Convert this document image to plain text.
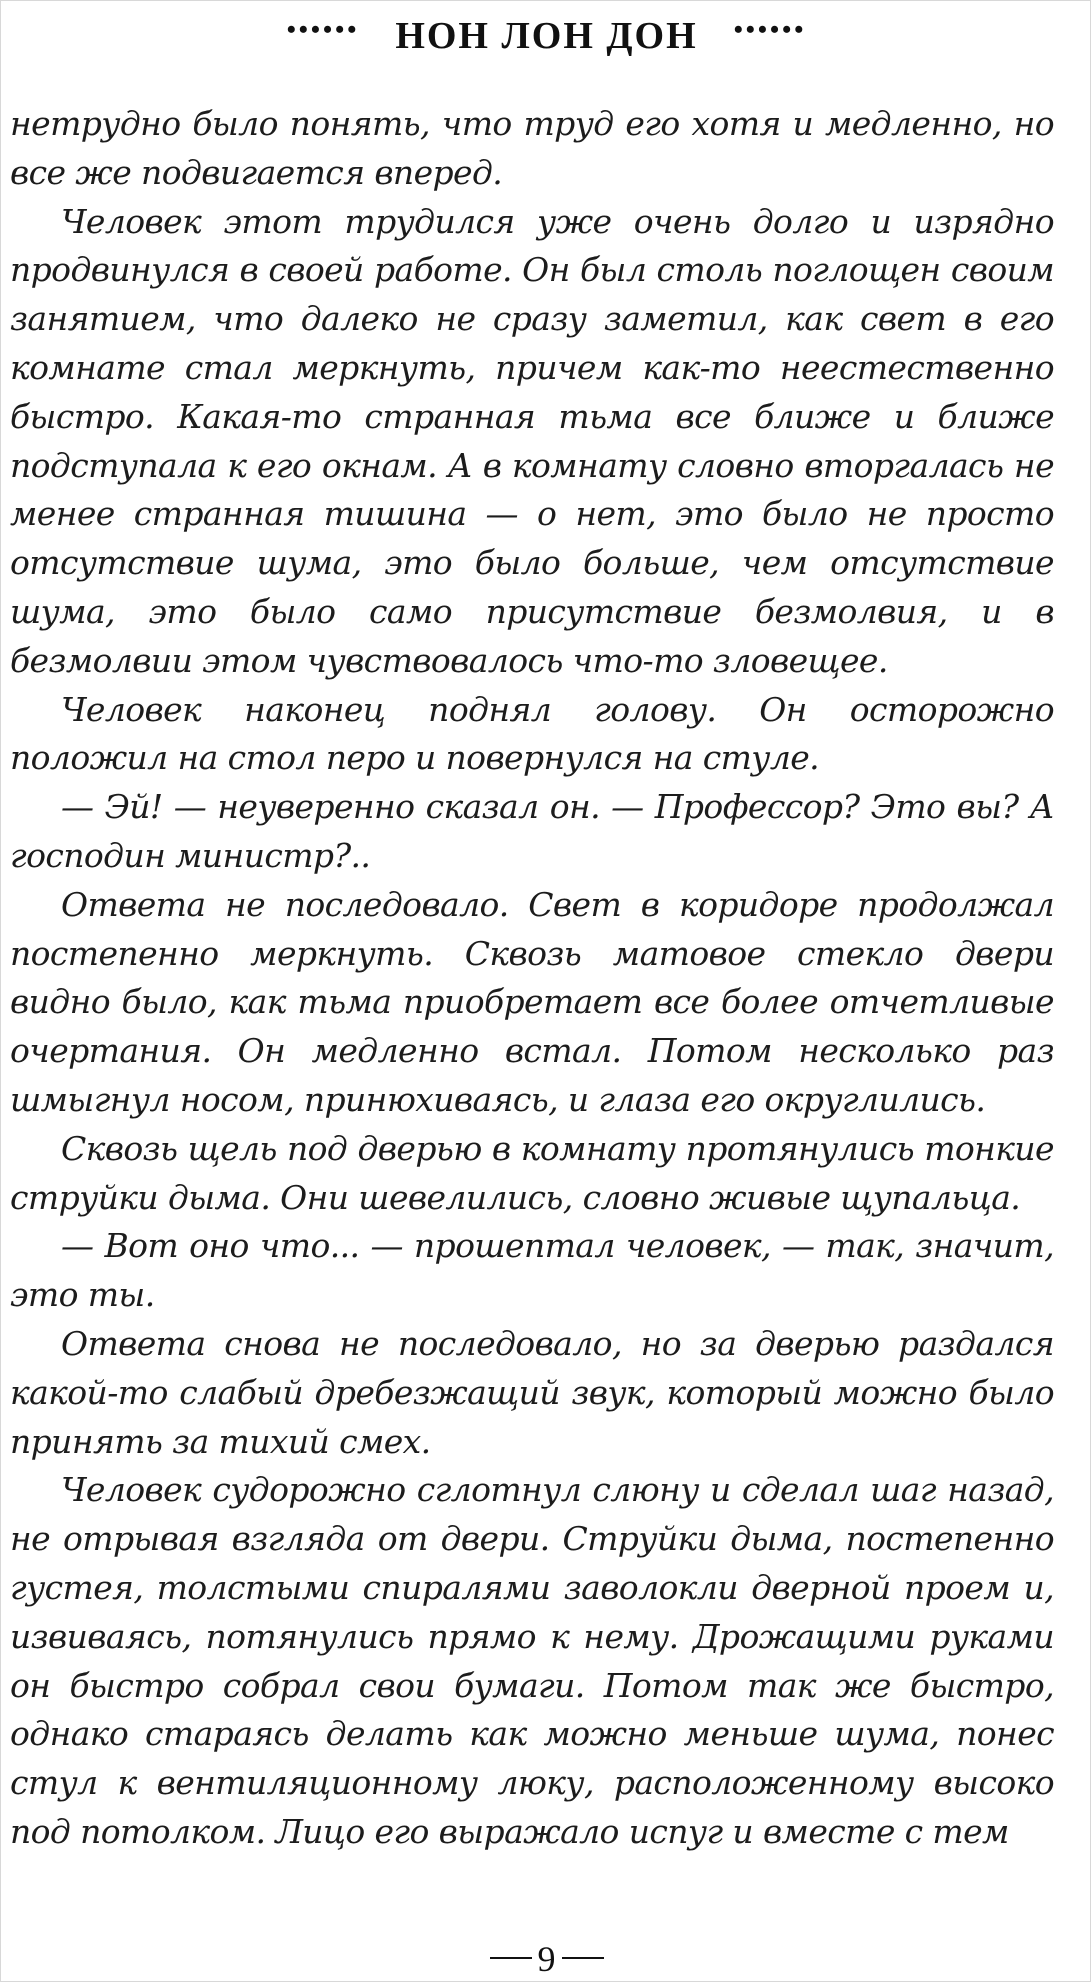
•••••• НОН ЛОН ДОН ••••••

нетрудно было понять, что труд его хотя и медленно, но все же подвигается вперед.

Человек этот трудился уже очень долго и изрядно продвинулся в своей работе. Он был столь поглощен своим занятием, что далеко не сразу заметил, как свет в его комнате стал меркнуть, причем как-то неестественно быстро. Какая-то странная тьма все ближе и ближе подступала к его окнам. А в комнату словно вторгалась не менее странная тишина — о нет, это было не просто отсутствие шума, это было больше, чем отсутствие шума, это было само присутствие безмолвия, и в безмолвии этом чувствовалось что-то зловещее.

Человек наконец поднял голову. Он осторожно положил на стол перо и повернулся на стуле.

— Эй! — неуверенно сказал он. — Профессор? Это вы? А господин министр?..

Ответа не последовало. Свет в коридоре продолжал постепенно меркнуть. Сквозь матовое стекло двери видно было, как тьма приобретает все более отчетливые очертания. Он медленно встал. Потом несколько раз шмыгнул носом, принюхиваясь, и глаза его округлились.

Сквозь щель под дверью в комнату протянулись тонкие струйки дыма. Они шевелились, словно живые щупальца.

— Вот оно что... — прошептал человек, — так, значит, это ты.

Ответа снова не последовало, но за дверью раздался какой-то слабый дребезжащий звук, который можно было принять за тихий смех.

Человек судорожно сглотнул слюну и сделал шаг назад, не отрывая взгляда от двери. Струйки дыма, постепенно густея, толстыми спиралями заволокли дверной проем и, извиваясь, потянулись прямо к нему. Дрожащими руками он быстро собрал свои бумаги. Потом так же быстро, однако стараясь делать как можно меньше шума, понес стул к вентиляционному люку, расположенному высоко под потолком. Лицо его выражало испуг и вместе с тем

9
